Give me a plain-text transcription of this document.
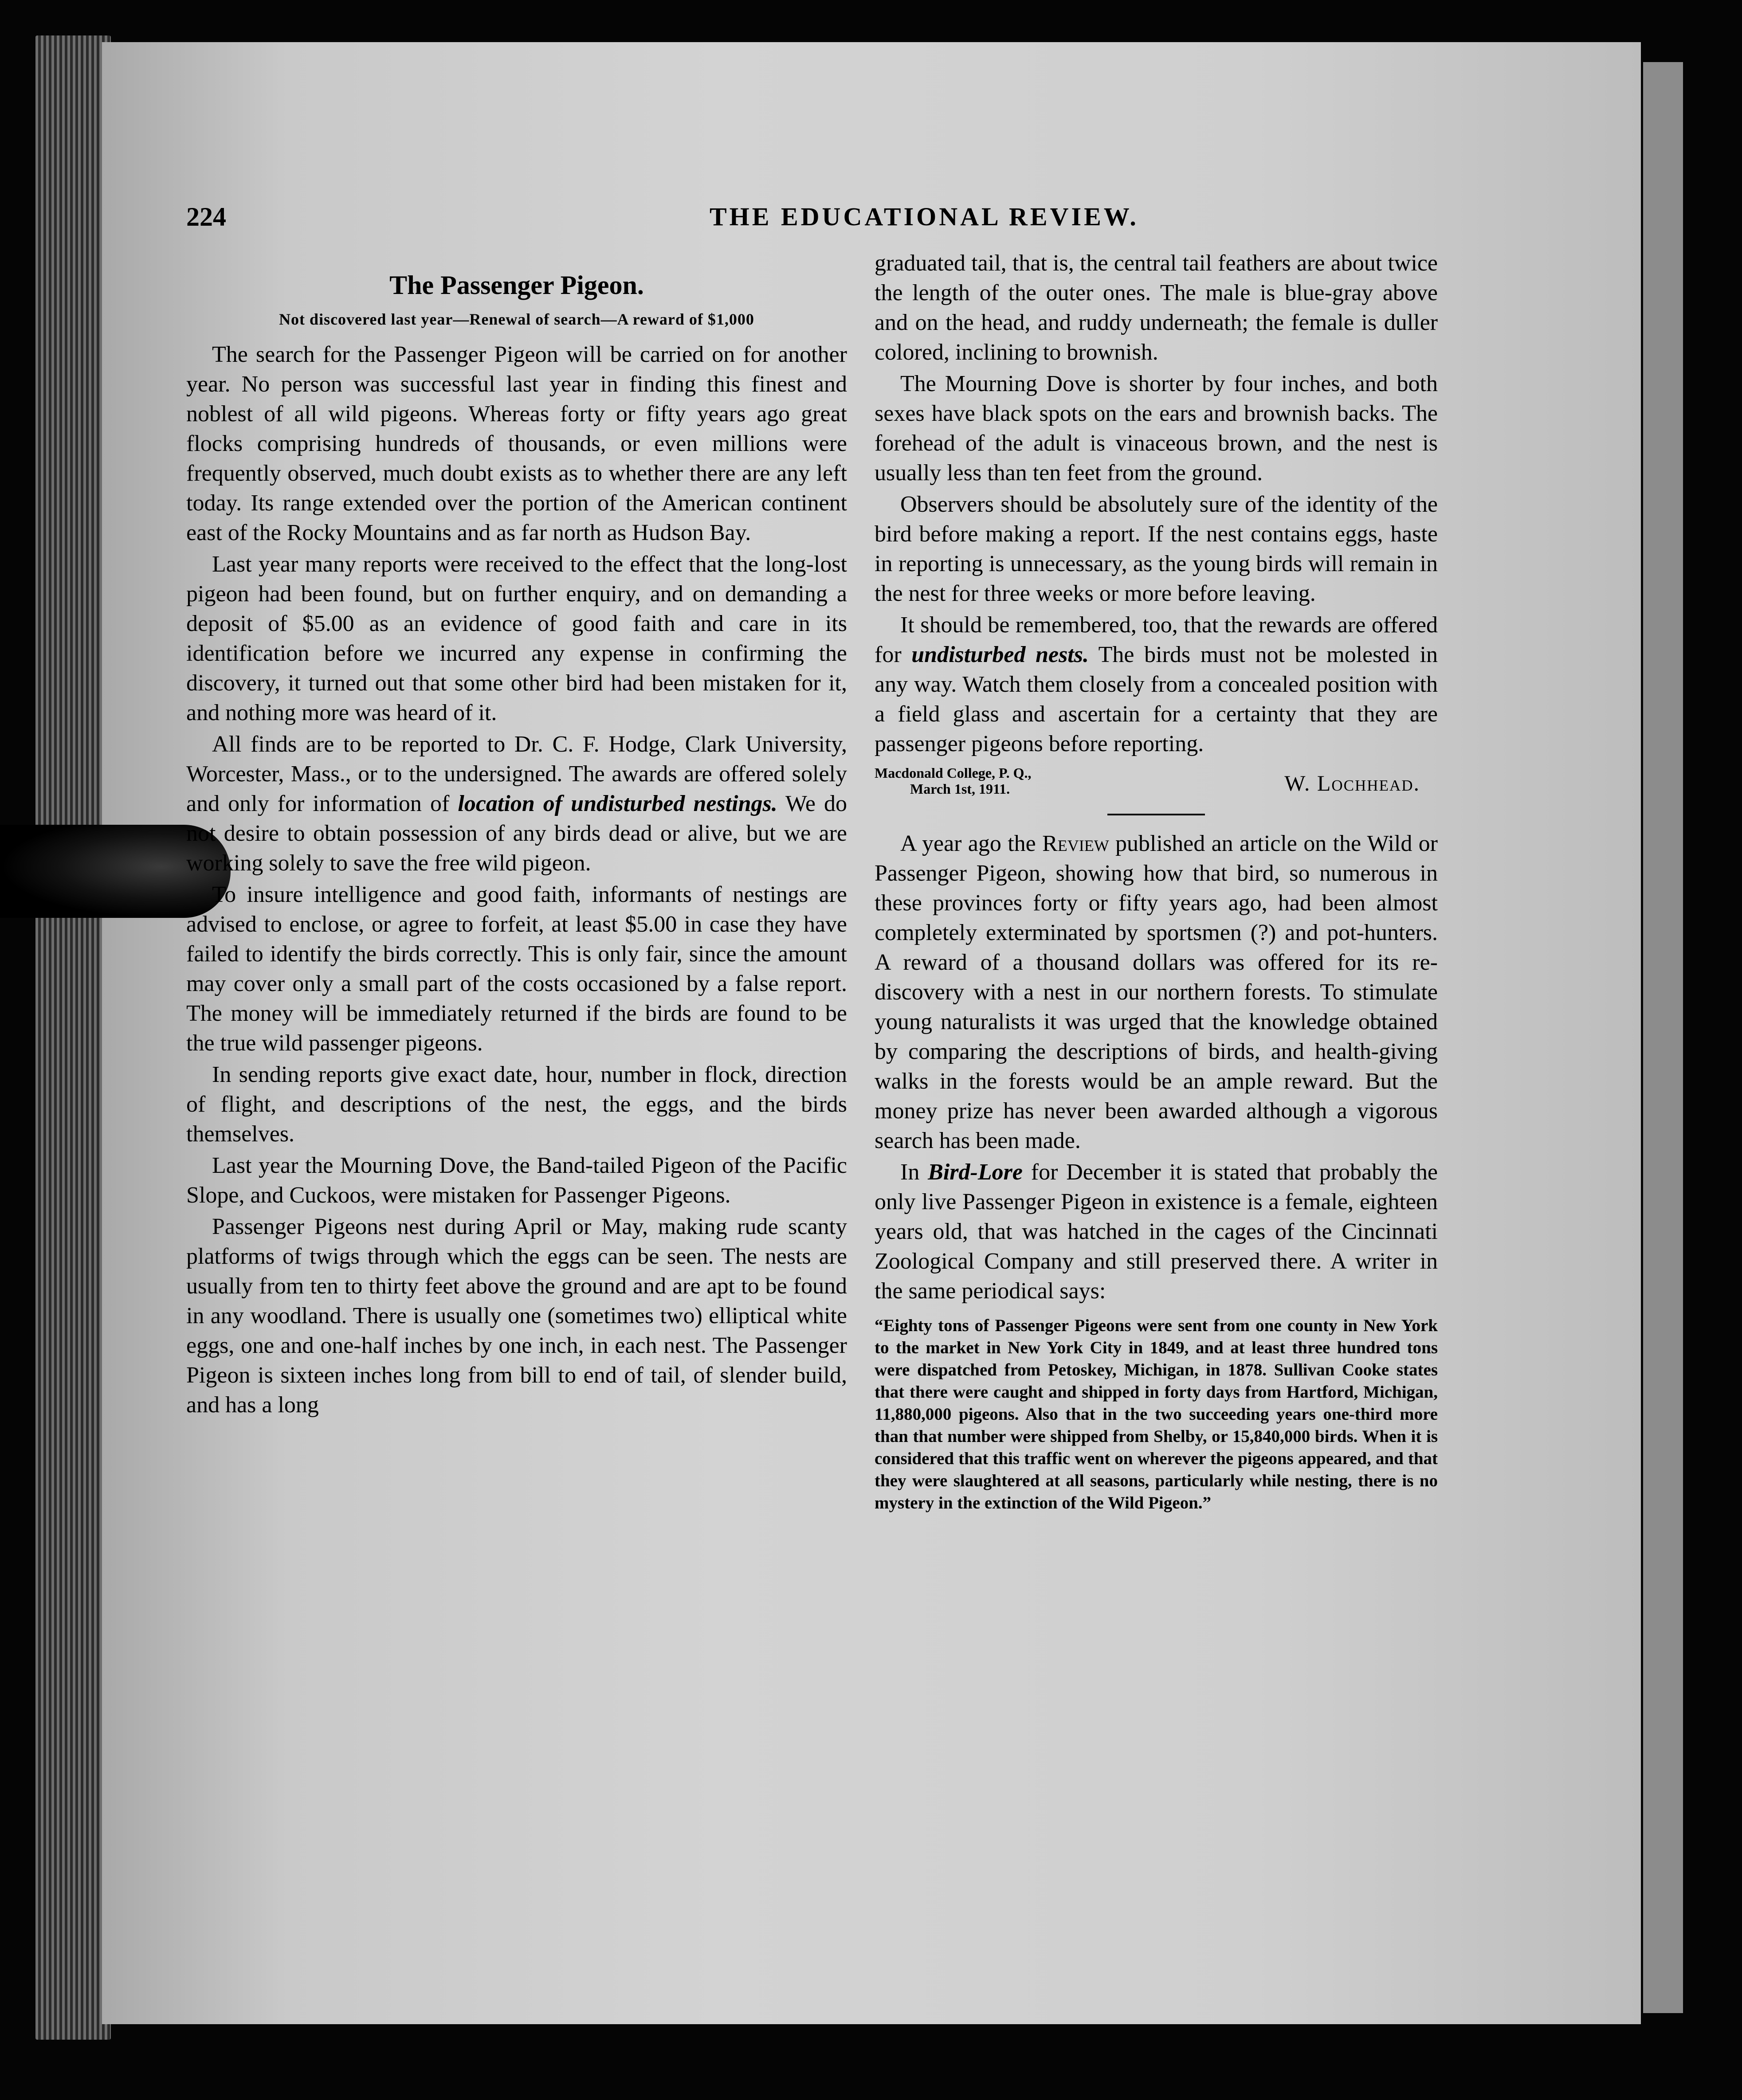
224	THE EDUCATIONAL REVIEW.
The Passenger Pigeon.
Not discovered last year—Renewal of search—A reward of $1,000

The search for the Passenger Pigeon will be carried on for another year. No person was successful last year in finding this finest and noblest of all wild pigeons. Whereas forty or fifty years ago great flocks comprising hundreds of thousands, or even millions were frequently observed, much doubt exists as to whether there are any left today. Its range extended over the portion of the American continent east of the Rocky Mountains and as far north as Hudson Bay.

Last year many reports were received to the effect that the long-lost pigeon had been found, but on further enquiry, and on demanding a deposit of $5.00 as an evidence of good faith and care in its identification before we incurred any expense in confirming the discovery, it turned out that some other bird had been mistaken for it, and nothing more was heard of it.

All finds are to be reported to Dr. C. F. Hodge, Clark University, Worcester, Mass., or to the undersigned. The awards are offered solely and only for information of location of undisturbed nestings. We do not desire to obtain possession of any birds dead or alive, but we are working solely to save the free wild pigeon.

To insure intelligence and good faith, informants of nestings are advised to enclose, or agree to forfeit, at least $5.00 in case they have failed to identify the birds correctly. This is only fair, since the amount may cover only a small part of the costs occasioned by a false report. The money will be immediately returned if the birds are found to be the true wild passenger pigeons.

In sending reports give exact date, hour, number in flock, direction of flight, and descriptions of the nest, the eggs, and the birds themselves.

Last year the Mourning Dove, the Band-tailed Pigeon of the Pacific Slope, and Cuckoos, were mistaken for Passenger Pigeons.

Passenger Pigeons nest during April or May, making rude scanty platforms of twigs through which the eggs can be seen. The nests are usually from ten to thirty feet above the ground and are apt to be found in any woodland. There is usually one (sometimes two) elliptical white eggs, one and one-half inches by one inch, in each nest. The Passenger Pigeon is sixteen inches long from bill to end of tail, of slender build, and has a long

graduated tail, that is, the central tail feathers are about twice the length of the outer ones. The male is blue-gray above and on the head, and ruddy underneath; the female is duller colored, inclining to brownish.

The Mourning Dove is shorter by four inches, and both sexes have black spots on the ears and brownish backs. The forehead of the adult is vinaceous brown, and the nest is usually less than ten feet from the ground.

Observers should be absolutely sure of the identity of the bird before making a report. If the nest contains eggs, haste in reporting is unnecessary, as the young birds will remain in the nest for three weeks or more before leaving.

It should be remembered, too, that the rewards are offered for undisturbed nests. The birds must not be molested in any way. Watch them closely from a concealed position with a field glass and ascertain for a certainty that they are passenger pigeons before reporting.

Macdonald College, P. Q.,
March 1st, 1911.	W. Lochhead.

A year ago the Review published an article on the Wild or Passenger Pigeon, showing how that bird, so numerous in these provinces forty or fifty years ago, had been almost completely exterminated by sportsmen (?) and pot-hunters. A reward of a thousand dollars was offered for its re-discovery with a nest in our northern forests. To stimulate young naturalists it was urged that the knowledge obtained by comparing the descriptions of birds, and health-giving walks in the forests would be an ample reward. But the money prize has never been awarded although a vigorous search has been made.

In Bird-Lore for December it is stated that probably the only live Passenger Pigeon in existence is a female, eighteen years old, that was hatched in the cages of the Cincinnati Zoological Company and still preserved there. A writer in the same periodical says:

“Eighty tons of Passenger Pigeons were sent from one county in New York to the market in New York City in 1849, and at least three hundred tons were dispatched from Petoskey, Michigan, in 1878. Sullivan Cooke states that there were caught and shipped in forty days from Hartford, Michigan, 11,880,000 pigeons. Also that in the two succeeding years one-third more than that number were shipped from Shelby, or 15,840,000 birds. When it is considered that this traffic went on wherever the pigeons appeared, and that they were slaughtered at all seasons, particularly while nesting, there is no mystery in the extinction of the Wild Pigeon.”
